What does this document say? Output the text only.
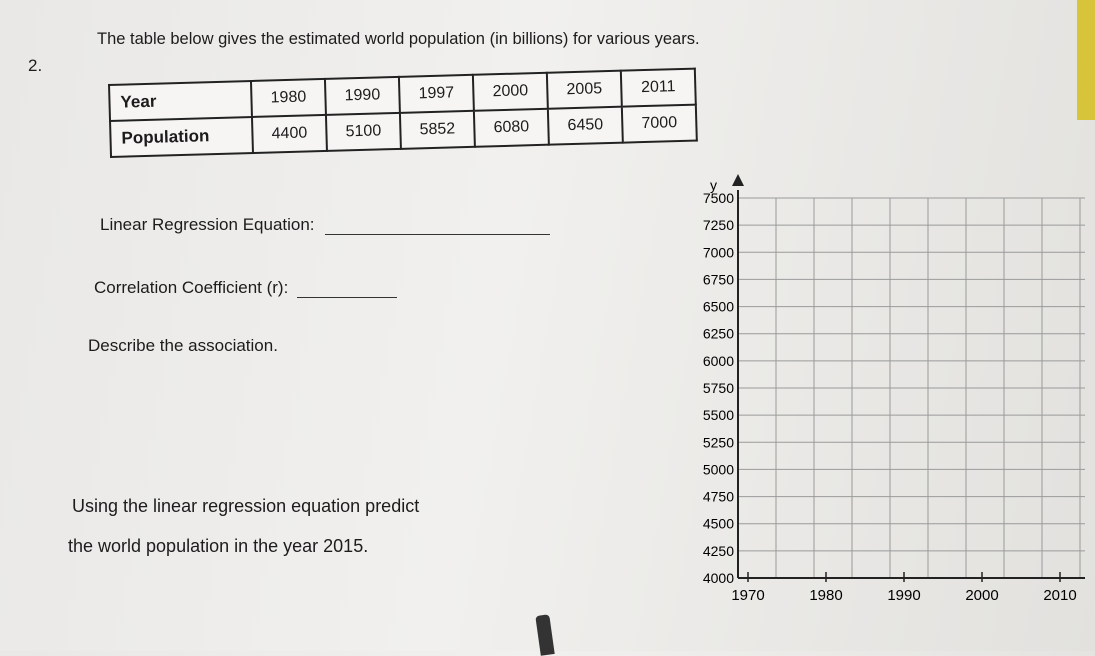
2.
The table below gives the estimated world population (in billions) for various years.
Year	1980	1990	1997	2000	2005	2011
Population	4400	5100	5852	6080	6450	7000
Linear Regression Equation:
Correlation Coefficient (r):
Describe the association.
Using the linear regression equation predict
the world population in the year 2015.
4000
4250
4500
4750
5000
5250
5500
5750
6000
6250
6500
6750
7000
7250
7500
1970	1980	1990	2000	2010
y
